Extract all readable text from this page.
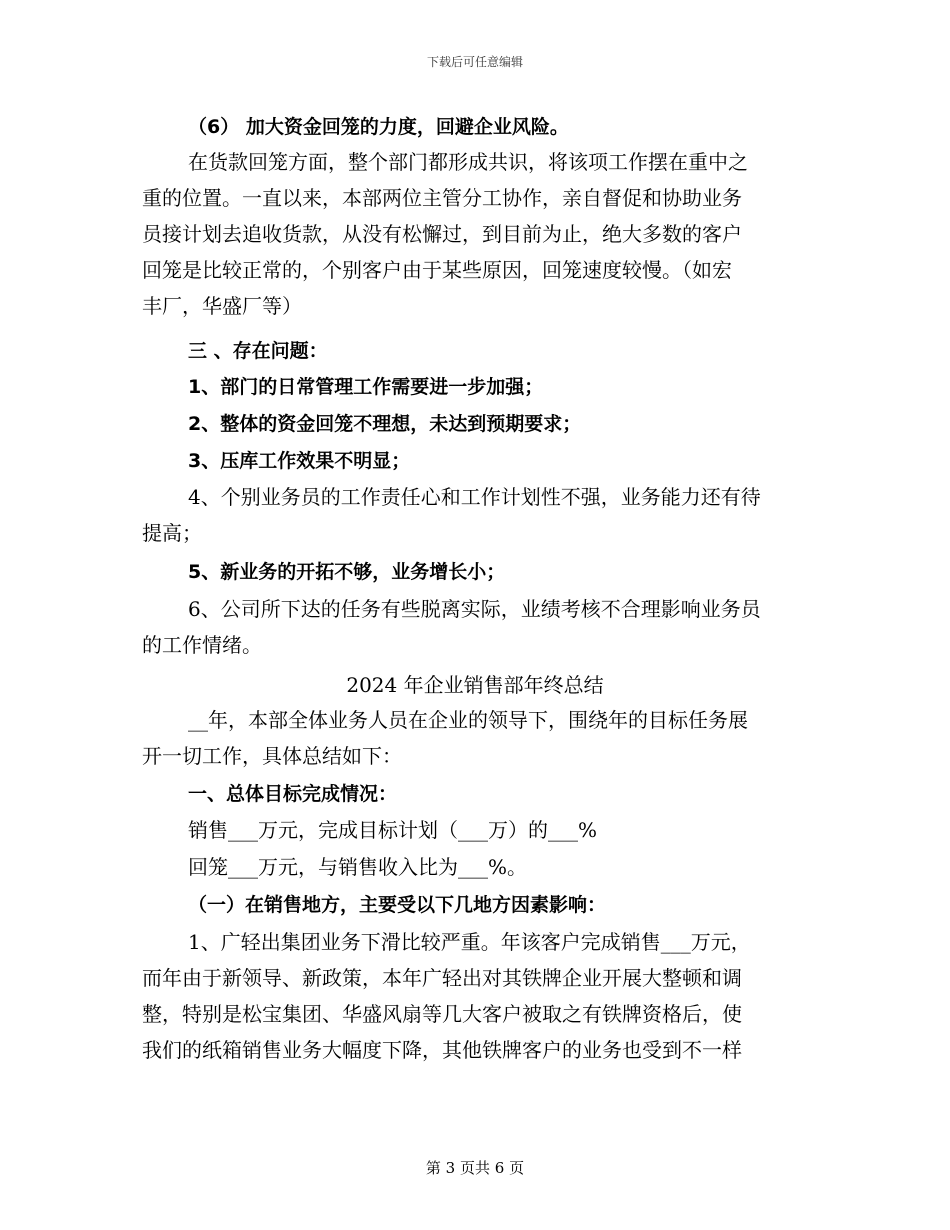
下载后可任意编辑
（6） 加大资金回笼的力度，回避企业风险。
在货款回笼方面，整个部门都形成共识，将该项工作摆在重中之
重的位置。一直以来，本部两位主管分工协作，亲自督促和协助业务
员接计划去追收货款，从没有松懈过，到目前为止，绝大多数的客户
回笼是比较正常的，个别客户由于某些原因，回笼速度较慢。（如宏
丰厂，华盛厂等）
三 、存在问题：
1、部门的日常管理工作需要进一步加强；
2、整体的资金回笼不理想，未达到预期要求；
3、压库工作效果不明显；
4、个别业务员的工作责任心和工作计划性不强，业务能力还有待
提高；
5、新业务的开拓不够，业务增长小；
6、公司所下达的任务有些脱离实际，业绩考核不合理影响业务员
的工作情绪。
2024 年企业销售部年终总结
__年，本部全体业务人员在企业的领导下，围绕年的目标任务展
开一切工作，具体总结如下：
一、总体目标完成情况：
销售___万元，完成目标计划（___万）的___%
回笼___万元，与销售收入比为___%。
（一）在销售地方，主要受以下几地方因素影响：
1、广轻出集团业务下滑比较严重。年该客户完成销售___万元，
而年由于新领导、新政策，本年广轻出对其铁牌企业开展大整顿和调
整，特别是松宝集团、华盛风扇等几大客户被取之有铁牌资格后，使
我们的纸箱销售业务大幅度下降，其他铁牌客户的业务也受到不一样
第 3 页共 6 页
